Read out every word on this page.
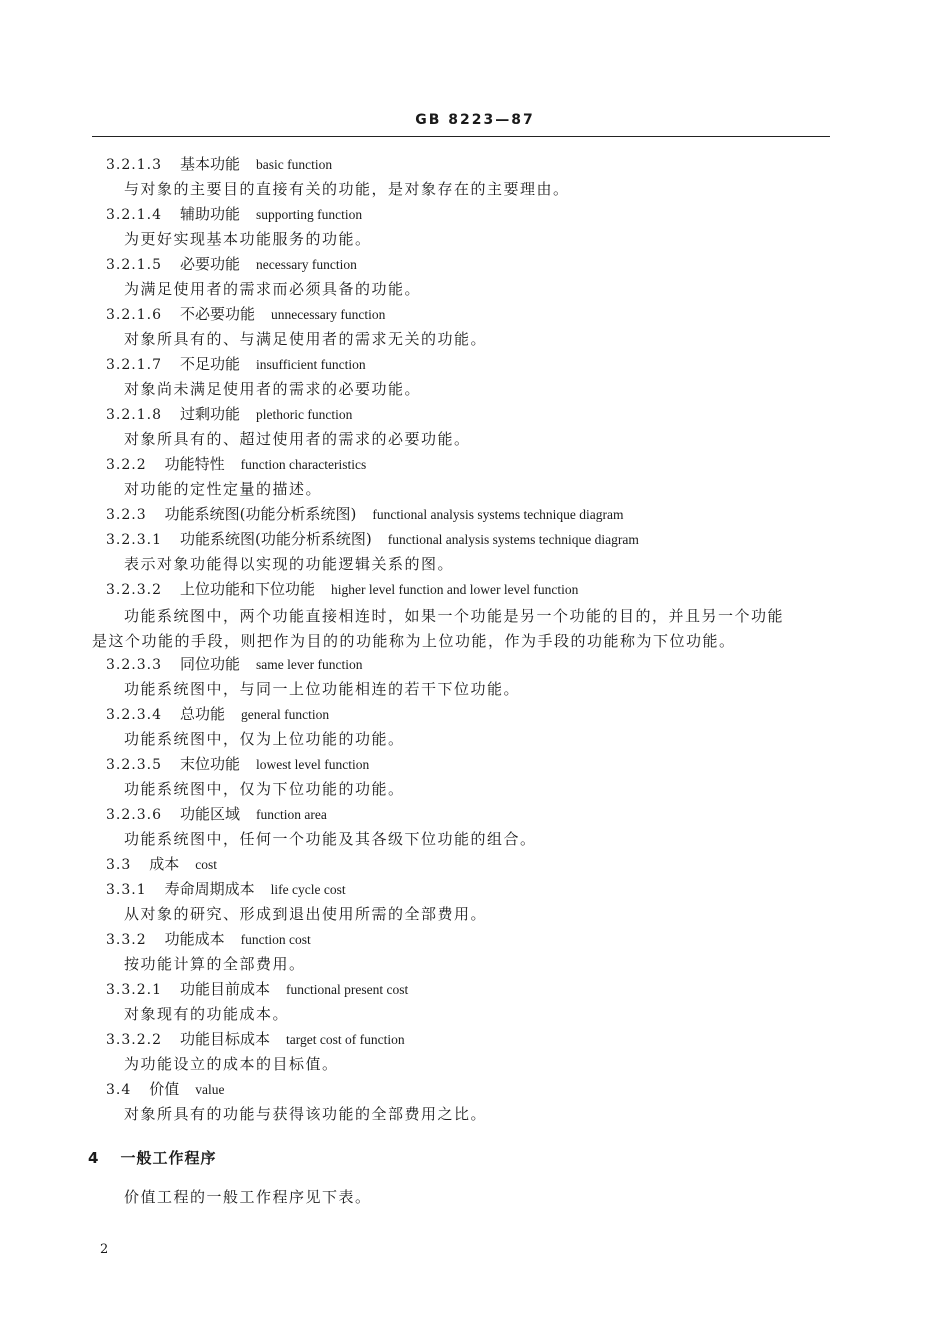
GB 8223—87
3.2.1.3 基本功能 basic function
与对象的主要目的直接有关的功能，是对象存在的主要理由。
3.2.1.4 辅助功能 supporting function
为更好实现基本功能服务的功能。
3.2.1.5 必要功能 necessary function
为满足使用者的需求而必须具备的功能。
3.2.1.6 不必要功能 unnecessary function
对象所具有的、与满足使用者的需求无关的功能。
3.2.1.7 不足功能 insufficient function
对象尚未满足使用者的需求的必要功能。
3.2.1.8 过剩功能 plethoric function
对象所具有的、超过使用者的需求的必要功能。
3.2.2 功能特性 function characteristics
对功能的定性定量的描述。
3.2.3 功能系统图(功能分析系统图) functional analysis systems technique diagram
3.2.3.1 功能系统图(功能分析系统图) functional analysis systems technique diagram
表示对象功能得以实现的功能逻辑关系的图。
3.2.3.2 上位功能和下位功能 higher level function and lower level function
功能系统图中，两个功能直接相连时，如果一个功能是另一个功能的目的，并且另一个功能是这个功能的手段，则把作为目的的功能称为上位功能，作为手段的功能称为下位功能。
3.2.3.3 同位功能 same lever function
功能系统图中，与同一上位功能相连的若干下位功能。
3.2.3.4 总功能 general function
功能系统图中，仅为上位功能的功能。
3.2.3.5 末位功能 lowest level function
功能系统图中，仅为下位功能的功能。
3.2.3.6 功能区域 function area
功能系统图中，任何一个功能及其各级下位功能的组合。
3.3 成本 cost
3.3.1 寿命周期成本 life cycle cost
从对象的研究、形成到退出使用所需的全部费用。
3.3.2 功能成本 function cost
按功能计算的全部费用。
3.3.2.1 功能目前成本 functional present cost
对象现有的功能成本。
3.3.2.2 功能目标成本 target cost of function
为功能设立的成本的目标值。
3.4 价值 value
对象所具有的功能与获得该功能的全部费用之比。
4 一般工作程序
价值工程的一般工作程序见下表。
2
